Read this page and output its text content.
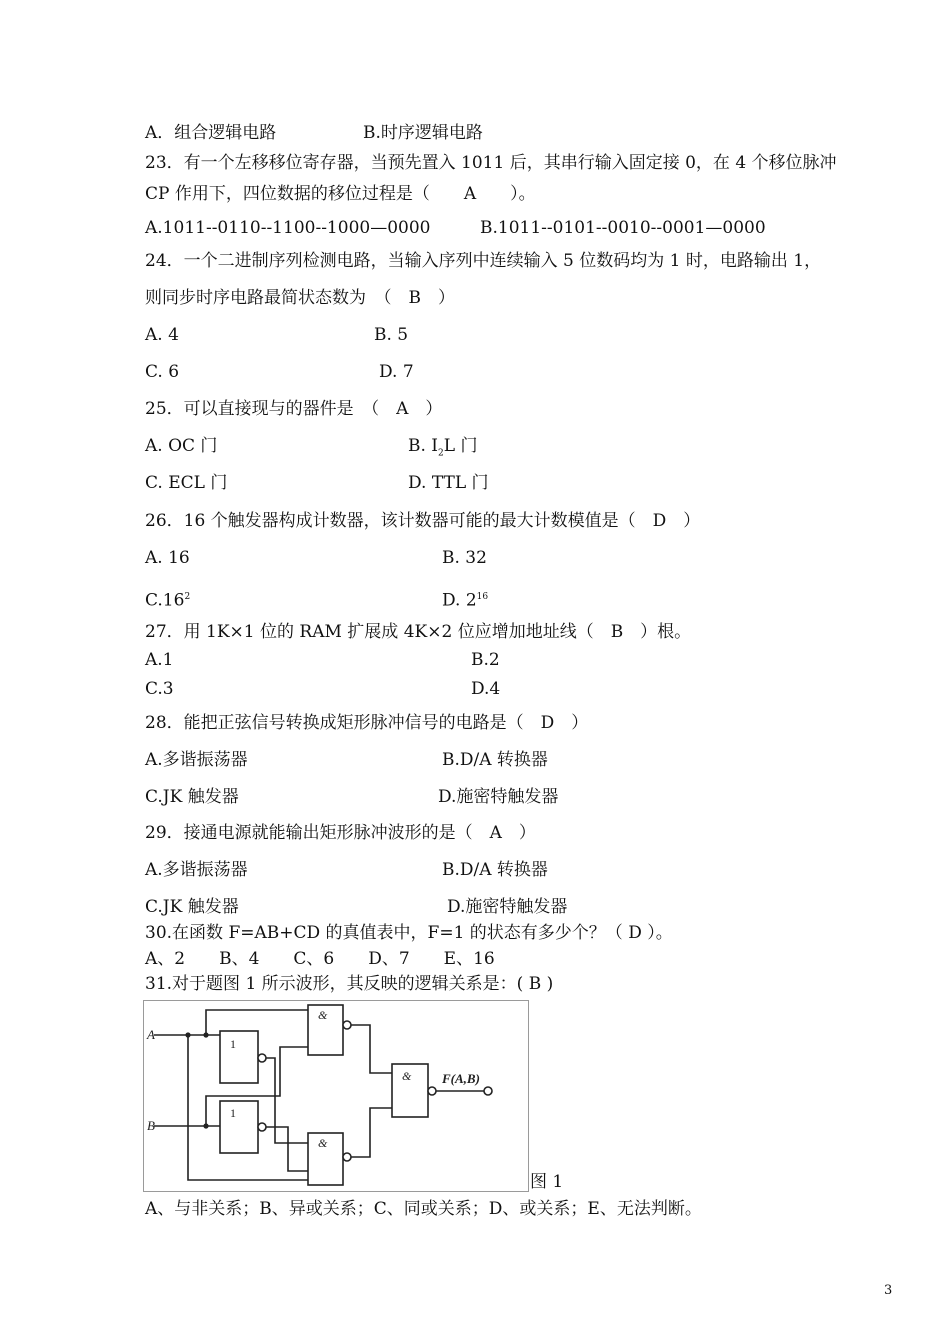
A．组合逻辑电路	B.时序逻辑电路
23．有一个左移移位寄存器，当预先置入 1011 后，其串行输入固定接 0，在 4 个移位脉冲
CP 作用下，四位数据的移位过程是（　　A　　）。
A.1011--0110--1100--1000—0000	B.1011--0101--0010--0001—0000
24．一个二进制序列检测电路，当输入序列中连续输入 5 位数码均为 1 时，电路输出 1，
则同步时序电路最简状态数为　（　B　）
A. 4	B. 5
C. 6	D. 7
25．可以直接现与的器件是　（　A　）
A. OC 门	B. $I_2L$ 门
C. ECL 门	D. TTL 门
26．16 个触发器构成计数器，该计数器可能的最大计数模值是（　D　）
A. 16	B. 32
$C.16^2$	D. $2^{16}$
27．用 1K×1 位的 RAM 扩展成 4K×2 位应增加地址线（　B　）根。
A.1	B.2
C.3	D.4
28．能把正弦信号转换成矩形脉冲信号的电路是（　D　）
A.多谐振荡器	B.D/A 转换器
C.JK 触发器	D.施密特触发器
29．接通电源就能输出矩形脉冲波形的是（　A　）
A.多谐振荡器	B.D/A 转换器
C.JK 触发器	D.施密特触发器
30.在函数 F=AB+CD 的真值表中，F=1 的状态有多少个？（ D ）。
A、2　　B、4　　C、6　　D、7　　E、16
31.对于题图 1 所示波形，其反映的逻辑关系是：( B )
A
B
1
1
&
&
& F(A,B)
图 1
A、与非关系；B、异或关系；C、同或关系；D、或关系；E、无法判断。
3
